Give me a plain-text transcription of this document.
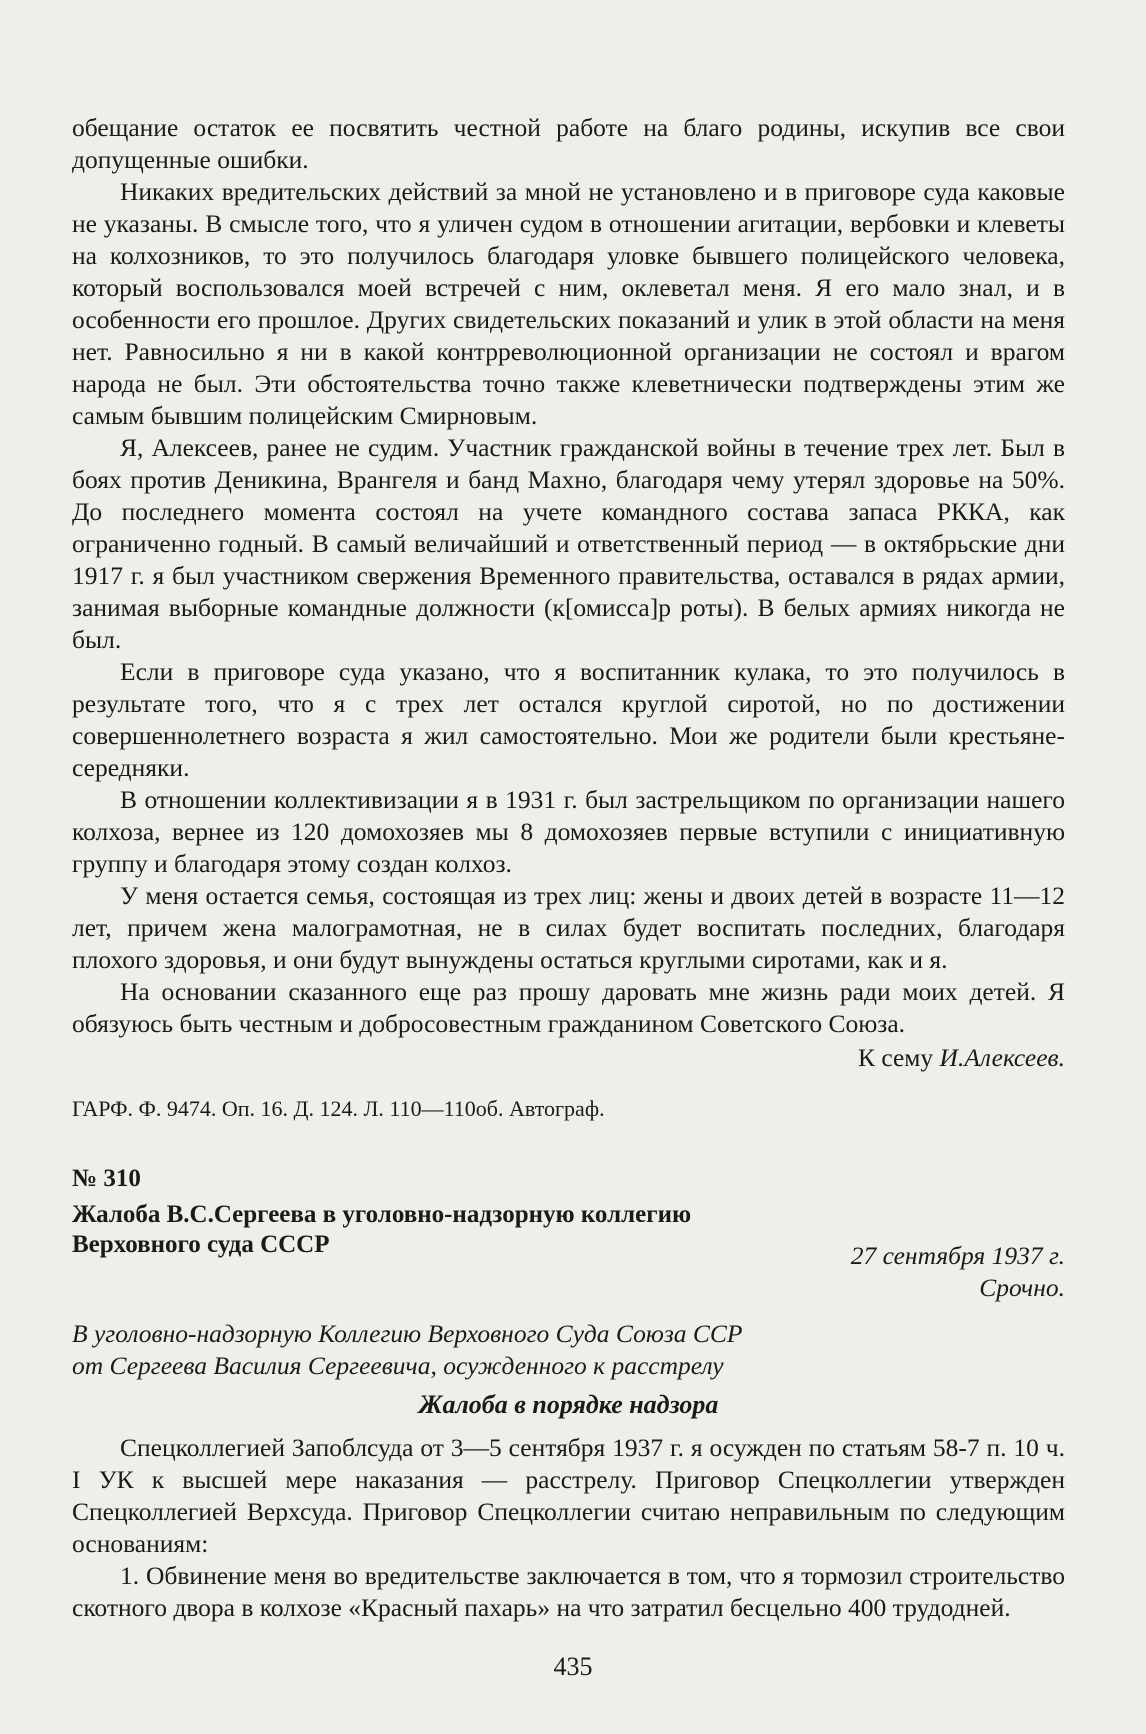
обещание остаток ее посвятить честной работе на благо родины, искупив все свои допущенные ошибки.

Никаких вредительских действий за мной не установлено и в приговоре суда каковые не указаны. В смысле того, что я уличен судом в отношении агитации, вербовки и клеветы на колхозников, то это получилось благодаря уловке бывшего полицейского человека, который воспользовался моей встречей с ним, оклеветал меня. Я его мало знал, и в особенности его прошлое. Других свидетельских показаний и улик в этой области на меня нет. Равносильно я ни в какой контрреволюционной организации не состоял и врагом народа не был. Эти обстоятельства точно также клеветнически подтверждены этим же самым бывшим полицейским Смирновым.

Я, Алексеев, ранее не судим. Участник гражданской войны в течение трех лет. Был в боях против Деникина, Врангеля и банд Махно, благодаря чему утерял здоровье на 50%. До последнего момента состоял на учете командного состава запаса РККА, как ограниченно годный. В самый величайший и ответственный период — в октябрьские дни 1917 г. я был участником свержения Временного правительства, оставался в рядах армии, занимая выборные командные должности (к[омисса]р роты). В белых армиях никогда не был.

Если в приговоре суда указано, что я воспитанник кулака, то это получилось в результате того, что я с трех лет остался круглой сиротой, но по достижении совершеннолетнего возраста я жил самостоятельно. Мои же родители были крестьяне-середняки.

В отношении коллективизации я в 1931 г. был застрельщиком по организации нашего колхоза, вернее из 120 домохозяев мы 8 домохозяев первые вступили с инициативную группу и благодаря этому создан колхоз.

У меня остается семья, состоящая из трех лиц: жены и двоих детей в возрасте 11—12 лет, причем жена малограмотная, не в силах будет воспитать последних, благодаря плохого здоровья, и они будут вынуждены остаться круглыми сиротами, как и я.

На основании сказанного еще раз прошу даровать мне жизнь ради моих детей. Я обязуюсь быть честным и добросовестным гражданином Советского Союза.

К сему И.Алексеев.

ГАРФ. Ф. 9474. Оп. 16. Д. 124. Л. 110—110об. Автограф.

№ 310

Жалоба В.С.Сергеева в уголовно-надзорную коллегию
Верховного суда СССР	27 сентября 1937 г.

Срочно.

В уголовно-надзорную Коллегию Верховного Суда Союза ССР
от Сергеева Василия Сергеевича, осужденного к расстрелу

Жалоба в порядке надзора

Спецколлегией Запоблсуда от 3—5 сентября 1937 г. я осужден по статьям 58-7 п. 10 ч. I УК к высшей мере наказания — расстрелу. Приговор Спецколлегии утвержден Спецколлегией Верхсуда. Приговор Спецколлегии считаю неправильным по следующим основаниям:

1. Обвинение меня во вредительстве заключается в том, что я тормозил строительство скотного двора в колхозе «Красный пахарь» на что затратил бесцельно 400 трудодней.

435
